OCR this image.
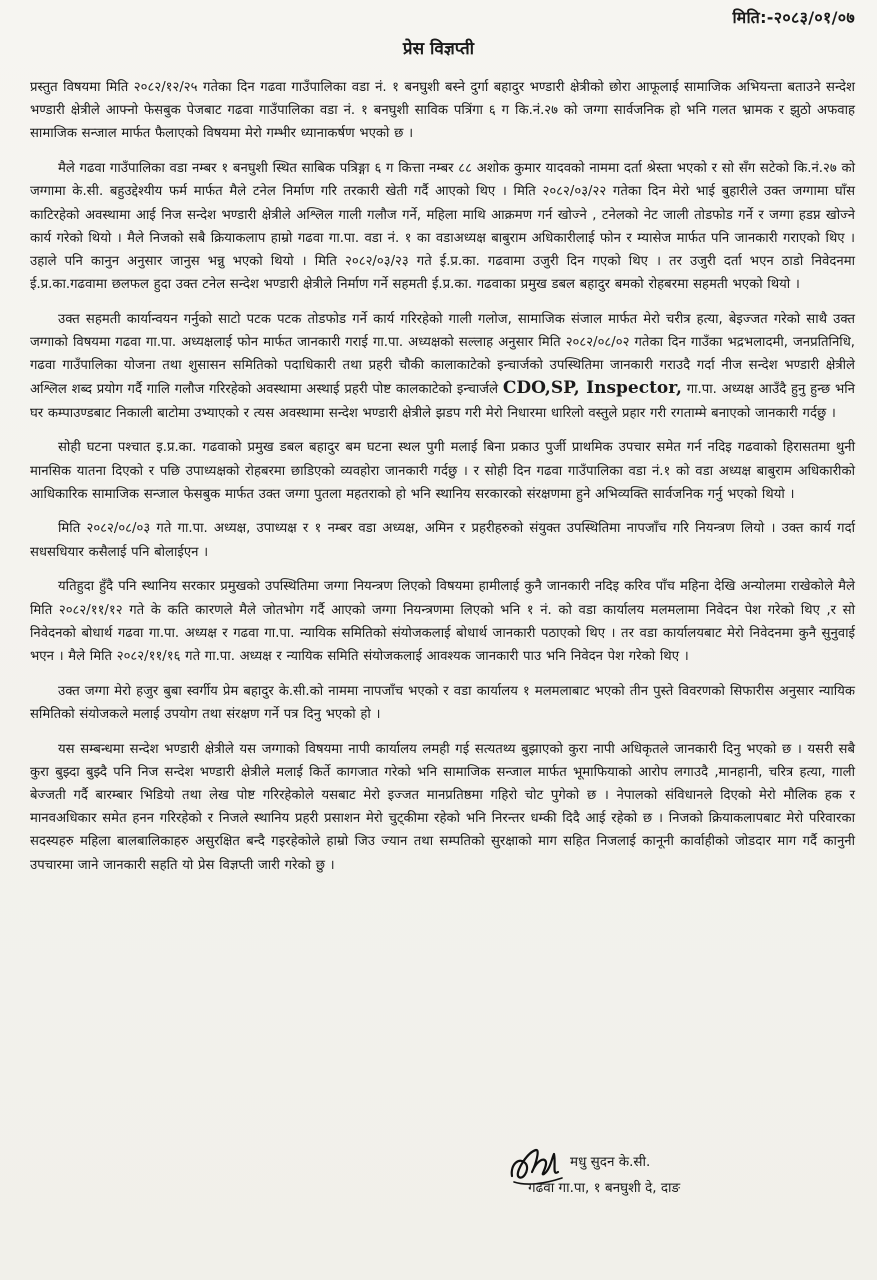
मिति:-२०८३/०१/०७
प्रेस विज्ञप्ती

प्रस्तुत विषयमा मिति २०८२/१२/२५ गतेका दिन गढवा गाउँपालिका वडा नं. १ बनघुशी बस्ने दुर्गा बहादुर भण्डारी क्षेत्रीको छोरा आफूलाई सामाजिक अभियन्ता बताउने सन्देश भण्डारी क्षेत्रीले आफ्नो फेसबुक पेजबाट गढवा गाउँपालिका वडा नं. १ बनघुशी साविक पत्रिंगा ६ ग कि.नं.२७ को जग्गा सार्वजनिक हो भनि गलत भ्रामक र झुठो अफवाह सामाजिक सन्जाल मार्फत फैलाएको विषयमा मेरो गम्भीर ध्यानाकर्षण भएको छ ।

मैले गढवा गाउँपालिका वडा नम्बर १ बनघुशी स्थित साबिक पत्रिङ्गा ६ ग कित्ता नम्बर ८८ अशोक कुमार यादवको नाममा दर्ता श्रेस्ता भएको र सो सँग सटेको कि.नं.२७ को जग्गामा के.सी. बहुउद्देश्यीय फर्म मार्फत मैले टनेल निर्माण गरि तरकारी खेती गर्दै आएको थिए । मिति २०८२/०३/२२ गतेका दिन मेरो भाई बुहारीले उक्त जग्गामा घाँस काटिरहेको अवस्थामा आई निज सन्देश भण्डारी क्षेत्रीले अश्लिल गाली गलौज गर्ने, महिला माथि आक्रमण गर्न खोज्ने , टनेलको नेट जाली तोडफोड गर्ने र जग्गा हडप्न खोज्ने कार्य गरेको थियो । मैले निजको सबै क्रियाकलाप हाम्रो गढवा गा.पा. वडा नं. १ का वडाअध्यक्ष बाबुराम अधिकारीलाई फोन र म्यासेज मार्फत पनि जानकारी गराएको थिए । उहाले पनि कानुन अनुसार जानुस भन्नु भएको थियो । मिति २०८२/०३/२३ गते ई.प्र.का. गढवामा उजुरी दिन गएको थिए । तर उजुरी दर्ता भएन ठाडो निवेदनमा ई.प्र.का.गढवामा छलफल हुदा उक्त टनेल सन्देश भण्डारी क्षेत्रीले निर्माण गर्ने सहमती ई.प्र.का. गढवाका प्रमुख डबल बहादुर बमको रोहबरमा सहमती भएको थियो ।

उक्त सहमती कार्यान्वयन गर्नुको साटो पटक पटक तोडफोड गर्ने कार्य गरिरहेको गाली गलोज, सामाजिक संजाल मार्फत मेरो चरीत्र हत्या, बेइज्जत गरेको साथै उक्त जग्गाको विषयमा गढवा गा.पा. अध्यक्षलाई फोन मार्फत जानकारी गराई गा.पा. अध्यक्षको सल्लाह अनुसार मिति २०८२/०८/०२ गतेका दिन गाउँका भद्रभलादमी, जनप्रतिनिधि, गढवा गाउँपालिका योजना तथा शुसासन समितिको पदाधिकारी तथा प्रहरी चौकी कालाकाटेको इन्चार्जको उपस्थितिमा जानकारी गराउदै गर्दा नीज सन्देश भण्डारी क्षेत्रीले अश्लिल शब्द प्रयोग गर्दै गालि गलौज गरिरहेको अवस्थामा अस्थाई प्रहरी पोष्ट कालकाटेको इन्चार्जले CDO,SP, Inspector, गा.पा. अध्यक्ष आउँदै हुनु हुन्छ भनि घर कम्पाउण्डबाट निकाली बाटोमा उभ्याएको र त्यस अवस्थामा सन्देश भण्डारी क्षेत्रीले झडप गरी मेरो निधारमा धारिलो वस्तुले प्रहार गरी रगताम्मे बनाएको जानकारी गर्दछु ।

सोही घटना पश्चात इ.प्र.का. गढवाको प्रमुख डबल बहादुर बम घटना स्थल पुगी मलाई बिना प्रकाउ पुर्जी प्राथमिक उपचार समेत गर्न नदिइ गढवाको हिरासतमा थुनी मानसिक यातना दिएको र पछि उपाध्यक्षको रोहबरमा छाडिएको व्यवहोरा जानकारी गर्दछु । र सोही दिन गढवा गाउँपालिका वडा नं.१ को वडा अध्यक्ष बाबुराम अधिकारीको आधिकारिक सामाजिक सन्जाल फेसबुक मार्फत उक्त जग्गा पुतला महतराको हो भनि स्थानिय सरकारको संरक्षणमा हुने अभिव्यक्ति सार्वजनिक गर्नु भएको थियो ।

मिति २०८२/०८/०३ गते गा.पा. अध्यक्ष, उपाध्यक्ष र १ नम्बर वडा अध्यक्ष, अमिन र प्रहरीहरुको संयुक्त उपस्थितिमा नापजाँच गरि नियन्त्रण लियो । उक्त कार्य गर्दा सधसधियार कसैलाई पनि बोलाईएन ।

यतिहुदा हुँदै पनि स्थानिय सरकार प्रमुखको उपस्थितिमा जग्गा नियन्त्रण लिएको विषयमा हामीलाई कुनै जानकारी नदिइ करिव पाँच महिना देखि अन्योलमा राखेकोले मैले मिति २०८२/११/१२ गते के कति कारणले मैले जोतभोग गर्दै आएको जग्गा नियन्त्रणमा लिएको भनि १ नं. को वडा कार्यालय मलमलामा निवेदन पेश गरेको थिए ,र सो निवेदनको बोधार्थ गढवा गा.पा. अध्यक्ष र गढवा गा.पा. न्यायिक समितिको संयोजकलाई बोधार्थ जानकारी पठाएको थिए । तर वडा कार्यालयबाट मेरो निवेदनमा कुनै सुनुवाई भएन । मैले मिति २०८२/११/१६ गते गा.पा. अध्यक्ष र न्यायिक समिति संयोजकलाई आवश्यक जानकारी पाउ भनि निवेदन पेश गरेको थिए ।

उक्त जग्गा मेरो हजुर बुबा स्वर्गीय प्रेम बहादुर के.सी.को नाममा नापजाँच भएको र वडा कार्यालय १ मलमलाबाट भएको तीन पुस्ते विवरणको सिफारीस अनुसार न्यायिक समितिको संयोजकले मलाई उपयोग तथा संरक्षण गर्ने पत्र दिनु भएको हो ।

यस सम्बन्धमा सन्देश भण्डारी क्षेत्रीले यस जग्गाको विषयमा नापी कार्यालय लमही गई सत्यतथ्य बुझाएको कुरा नापी अधिकृतले जानकारी दिनु भएको छ । यसरी सबै कुरा बुझ्दा बुझ्दै पनि निज सन्देश भण्डारी क्षेत्रीले मलाई किर्ते कागजात गरेको भनि सामाजिक सन्जाल मार्फत भूमाफियाको आरोप लगाउदै ,मानहानी, चरित्र हत्या, गाली बेज्जती गर्दै बारम्बार भिडियो तथा लेख पोष्ट गरिरहेकोले यसबाट मेरो इज्जत मानप्रतिष्ठमा गहिरो चोट पुगेको छ । नेपालको संविधानले दिएको मेरो मौलिक हक र मानवअधिकार समेत हनन गरिरहेको र निजले स्थानिय प्रहरी प्रसाशन मेरो चुट्कीमा रहेको भनि निरन्तर धम्की दिदै आई रहेको छ । निजको क्रियाकलापबाट मेरो परिवारका सदस्यहरु महिला बालबालिकाहरु असुरक्षित बन्दै गइरहेकोले हाम्रो जिउ ज्यान तथा सम्पतिको सुरक्षाको माग सहित निजलाई कानूनी कार्वाहीको जोडदार माग गर्दै कानुनी उपचारमा जाने जानकारी सहति यो प्रेस विज्ञप्ती जारी गरेको छु ।

मधु सुदन के.सी.
गढवा गा.पा, १ बनघुशी दे, दाङ
